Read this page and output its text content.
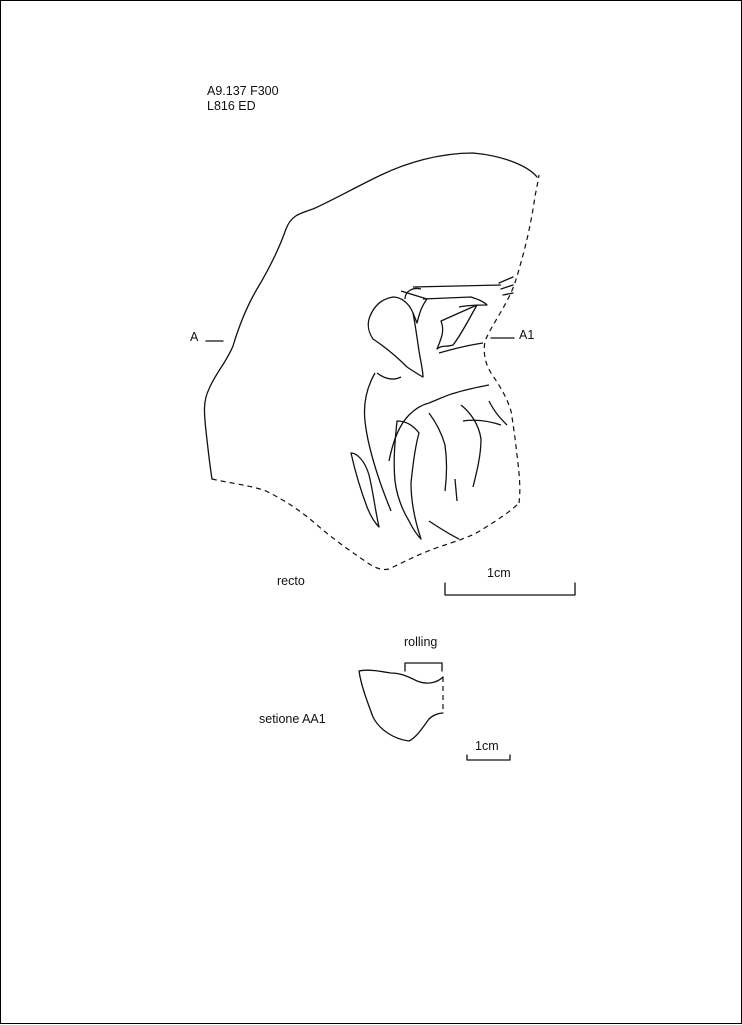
A9.137 F300
L816 ED
A	A1
recto
1cm
rolling
setione AA1
1cm
